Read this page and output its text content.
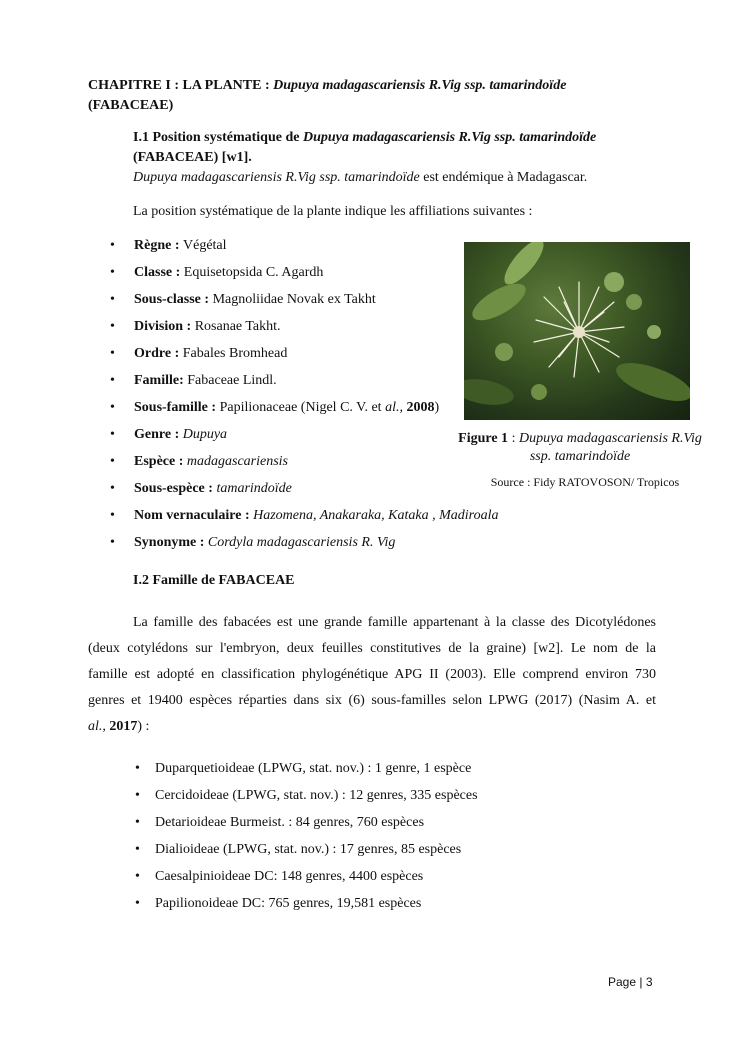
CHAPITRE I : LA PLANTE : Dupuya madagascariensis R.Vig ssp. tamarindoïde
(FABACEAE)
I.1 Position systématique de Dupuya madagascariensis R.Vig ssp. tamarindoïde
(FABACEAE) [w1].
Dupuya madagascariensis R.Vig ssp. tamarindoïde est endémique à Madagascar.
La position systématique de la plante indique les affiliations suivantes :
• Règne : Végétal
• Classe : Equisetopsida C. Agardh
• Sous-classe : Magnoliidae Novak ex Takht
• Division : Rosanae Takht.
• Ordre : Fabales Bromhead
• Famille: Fabaceae Lindl.
• Sous-famille : Papilionaceae (Nigel C. V. et al., 2008)
• Genre : Dupuya
• Espèce : madagascariensis
• Sous-espèce : tamarindoïde
• Nom vernaculaire : Hazomena, Anakaraka, Kataka , Madiroala
• Synonyme : Cordyla madagascariensis R. Vig
Figure 1 : Dupuya madagascariensis R.Vig
ssp. tamarindoïde
Source : Fidy RATOVOSON/ Tropicos
I.2 Famille de FABACEAE
La famille des fabacées est une grande famille appartenant à la classe des Dicotylédones
(deux cotylédons sur l'embryon, deux feuilles constitutives de la graine) [w2]. Le nom de la
famille est adopté en classification phylogénétique APG II (2003). Elle comprend environ 730
genres et 19400 espèces réparties dans six (6) sous-familles selon LPWG (2017) (Nasim A. et
al., 2017) :
• Duparquetioideae (LPWG, stat. nov.) : 1 genre, 1 espèce
• Cercidoideae (LPWG, stat. nov.) : 12 genres, 335 espèces
• Detarioideae Burmeist. : 84 genres, 760 espèces
• Dialioideae (LPWG, stat. nov.) : 17 genres, 85 espèces
• Caesalpinioideae DC: 148 genres, 4400 espèces
• Papilionoideae DC: 765 genres, 19,581 espèces
Page | 3
